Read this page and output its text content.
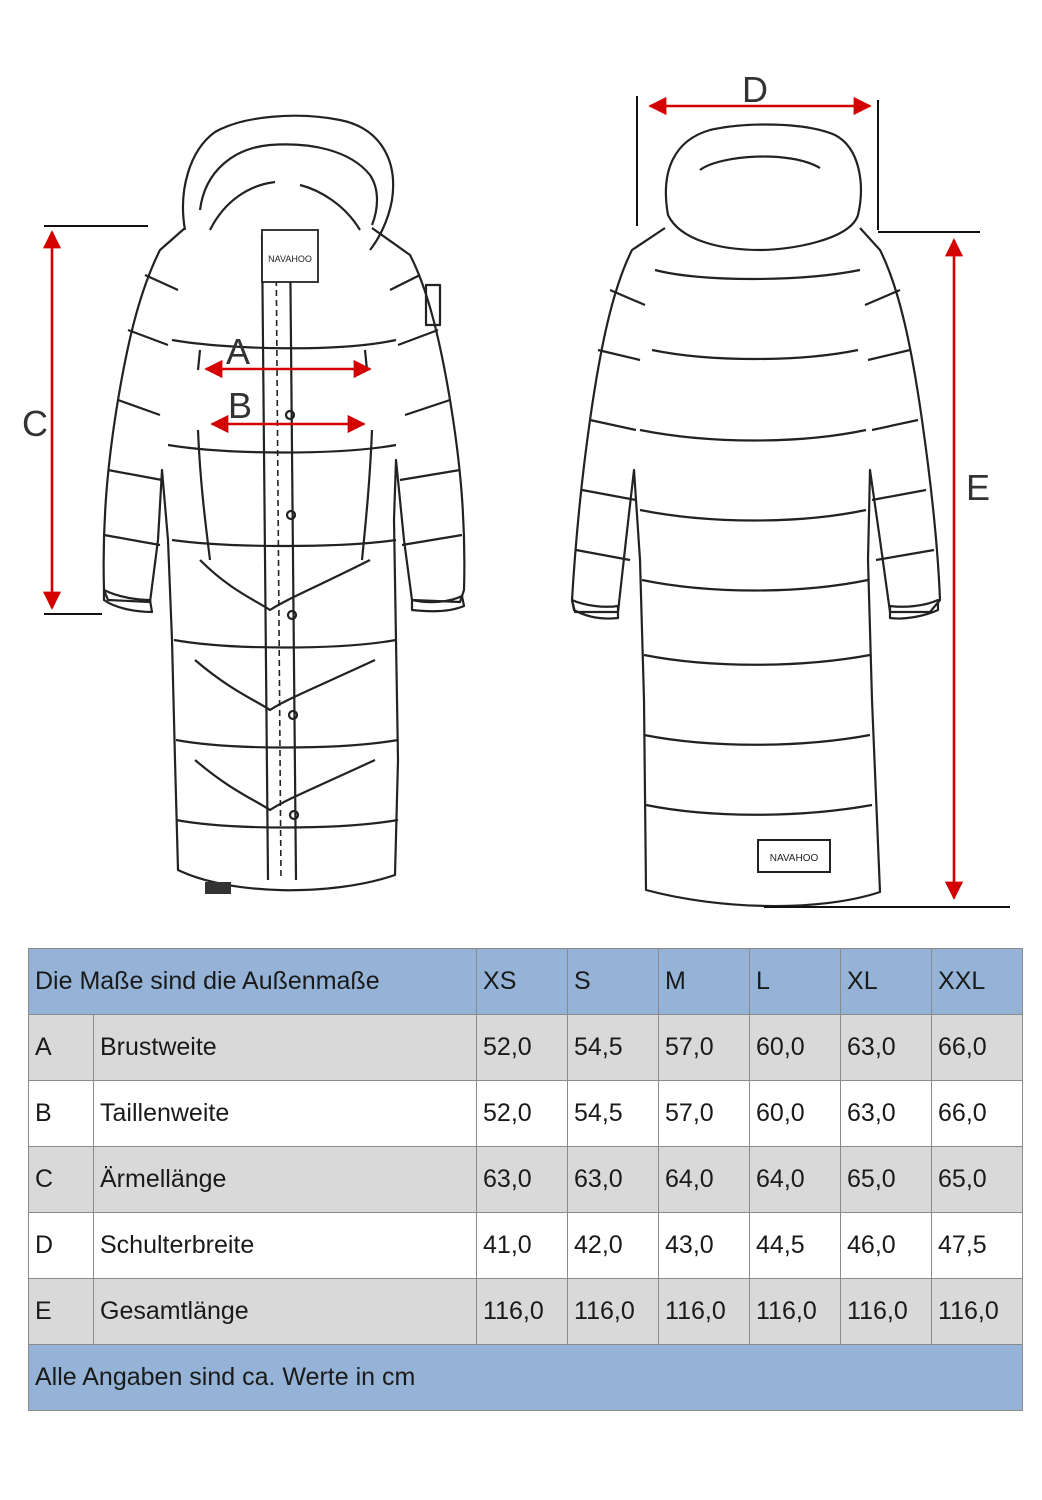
NAVAHOO
NAVAHOO
C
A
B
D
E
Die Maße sind die Außenmaße		XS	S	M	L	XL	XXL
A	Brustweite	52,0	54,5	57,0	60,0	63,0	66,0
B	Taillenweite	52,0	54,5	57,0	60,0	63,0	66,0
C	Ärmellänge	63,0	63,0	64,0	64,0	65,0	65,0
D	Schulterbreite	41,0	42,0	43,0	44,5	46,0	47,5
E	Gesamtlänge	116,0	116,0	116,0	116,0	116,0	116,0
Alle Angaben sind ca. Werte in cm							
